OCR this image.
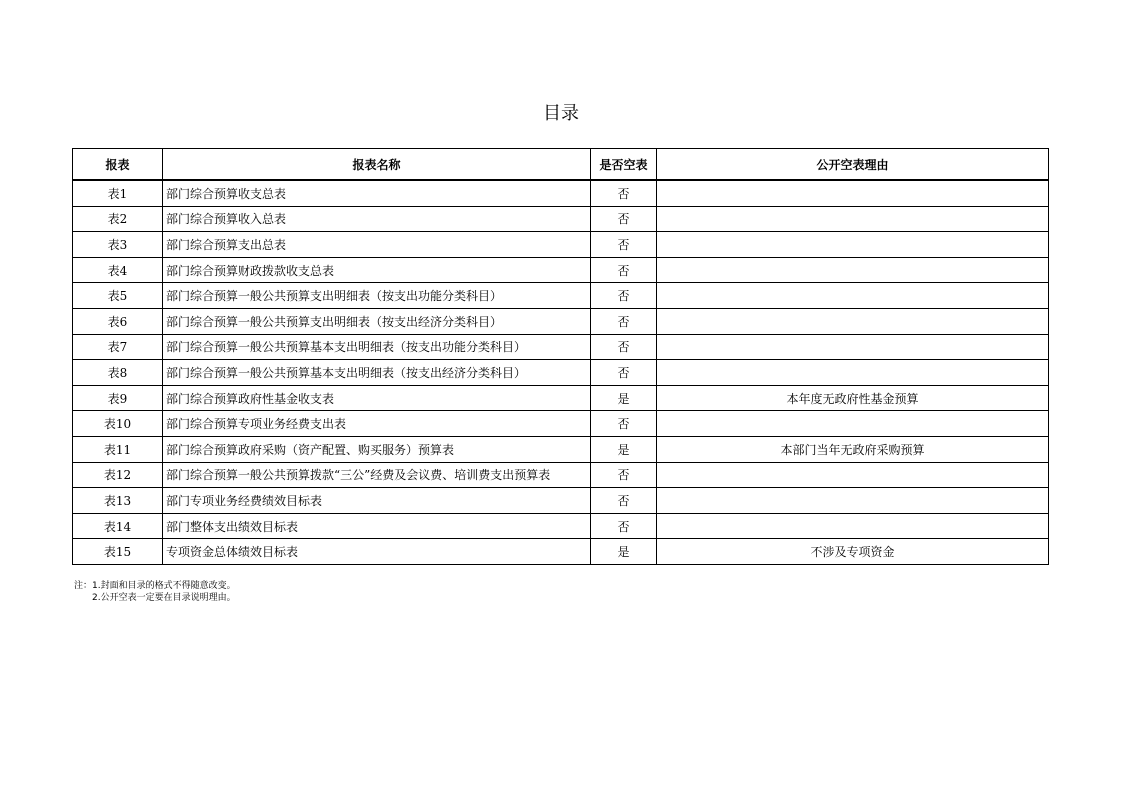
目录
报表	报表名称	是否空表	公开空表理由
表1	部门综合预算收支总表	否	
表2	部门综合预算收入总表	否	
表3	部门综合预算支出总表	否	
表4	部门综合预算财政拨款收支总表	否	
表5	部门综合预算一般公共预算支出明细表（按支出功能分类科目）	否	
表6	部门综合预算一般公共预算支出明细表（按支出经济分类科目）	否	
表7	部门综合预算一般公共预算基本支出明细表（按支出功能分类科目）	否	
表8	部门综合预算一般公共预算基本支出明细表（按支出经济分类科目）	否	
表9	部门综合预算政府性基金收支表	是	本年度无政府性基金预算
表10	部门综合预算专项业务经费支出表	否	
表11	部门综合预算政府采购（资产配置、购买服务）预算表	是	本部门当年无政府采购预算
表12	部门综合预算一般公共预算拨款“三公”经费及会议费、培训费支出预算表	否	
表13	部门专项业务经费绩效目标表	否	
表14	部门整体支出绩效目标表	否	
表15	专项资金总体绩效目标表	是	不涉及专项资金
注：1.封面和目录的格式不得随意改变。
2.公开空表一定要在目录说明理由。
